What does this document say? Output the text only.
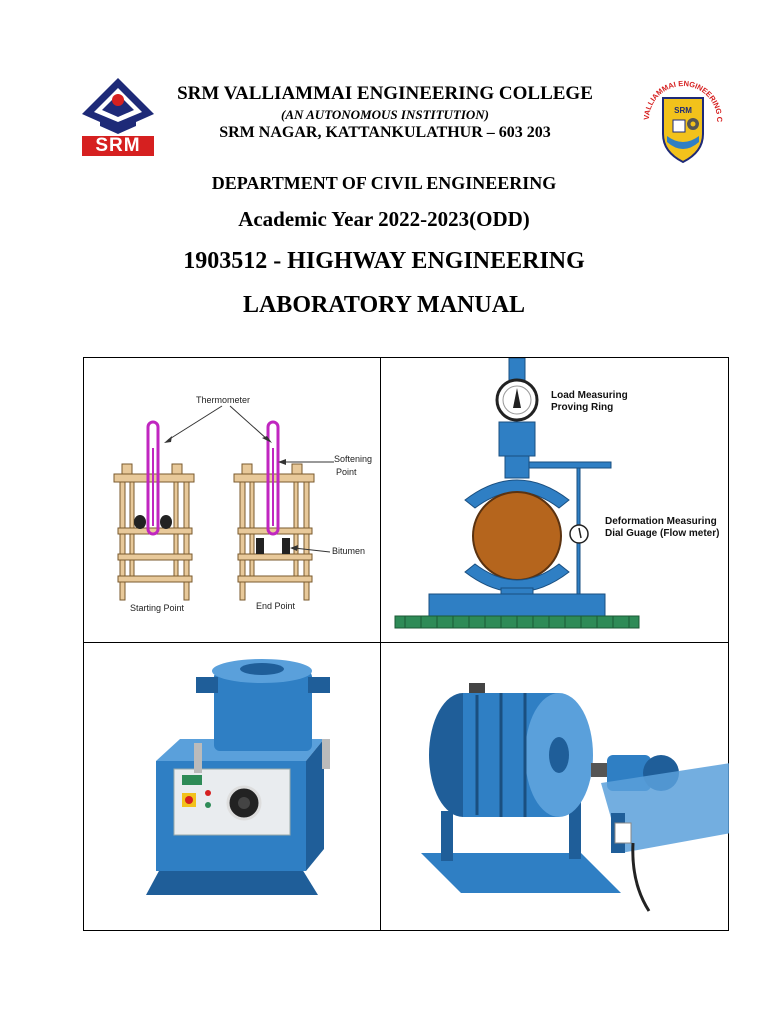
SRM
SRM VALLIAMMAI ENGINEERING COLLEGE
(AN AUTONOMOUS INSTITUTION)
SRM NAGAR, KATTANKULATHUR – 603 203
VALLIAMMAI ENGINEERING C
SRM
DEPARTMENT OF CIVIL ENGINEERING
Academic Year 2022-2023(ODD)
1903512 - HIGHWAY ENGINEERING
LABORATORY MANUAL
Thermometer
Softening
Point
Bitumen
Starting Point	End Point
Load Measuring
Proving Ring
Deformation Measuring
Dial Guage (Flow meter)
